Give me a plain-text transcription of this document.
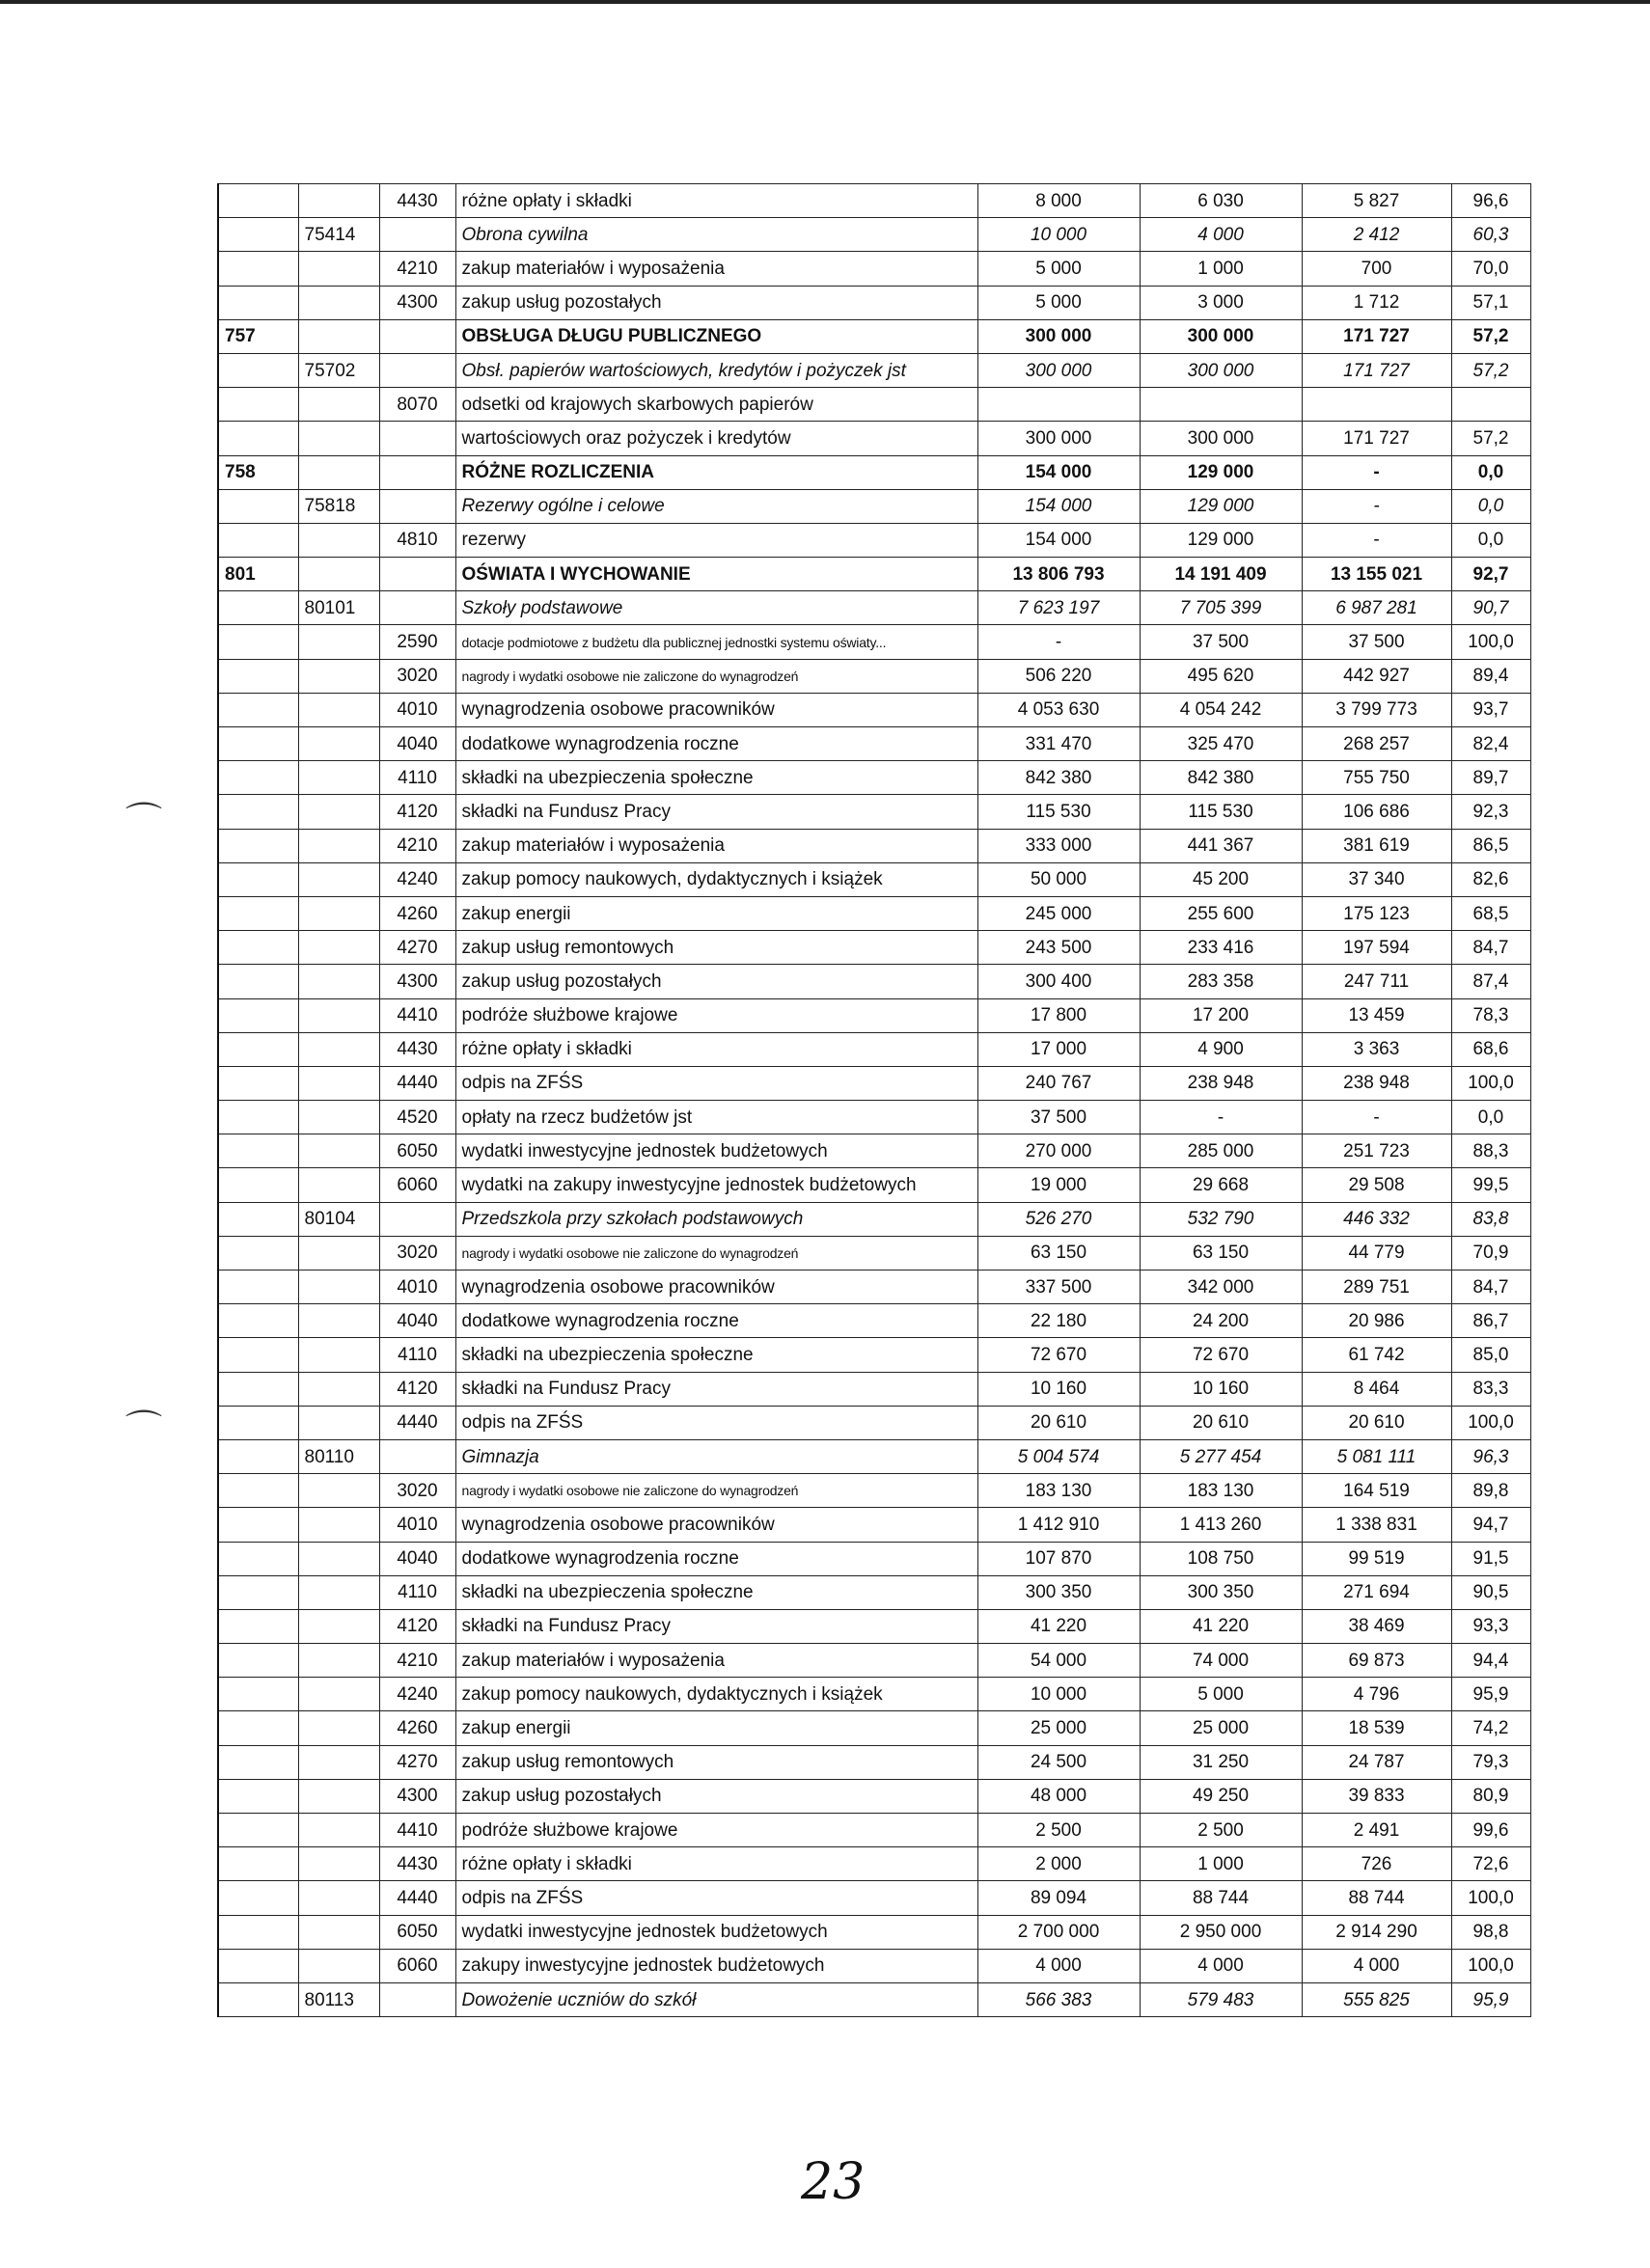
⌒
⌒
		4430	różne opłaty i składki	8 000	6 030	5 827	96,6
	75414		Obrona cywilna	10 000	4 000	2 412	60,3
		4210	zakup materiałów i wyposażenia	5 000	1 000	700	70,0
		4300	zakup usług pozostałych	5 000	3 000	1 712	57,1
757			OBSŁUGA DŁUGU PUBLICZNEGO	300 000	300 000	171 727	57,2
	75702		Obsł. papierów wartościowych, kredytów i pożyczek jst	300 000	300 000	171 727	57,2
		8070	odsetki od krajowych skarbowych papierów				
			wartościowych oraz pożyczek i kredytów	300 000	300 000	171 727	57,2
758			RÓŻNE ROZLICZENIA	154 000	129 000	-	0,0
	75818		Rezerwy ogólne i celowe	154 000	129 000	-	0,0
		4810	rezerwy	154 000	129 000	-	0,0
801			OŚWIATA I WYCHOWANIE	13 806 793	14 191 409	13 155 021	92,7
	80101		Szkoły podstawowe	7 623 197	7 705 399	6 987 281	90,7
		2590	dotacje podmiotowe z budżetu dla publicznej jednostki systemu oświaty...	-	37 500	37 500	100,0
		3020	nagrody i wydatki osobowe nie zaliczone do wynagrodzeń	506 220	495 620	442 927	89,4
		4010	wynagrodzenia osobowe pracowników	4 053 630	4 054 242	3 799 773	93,7
		4040	dodatkowe wynagrodzenia roczne	331 470	325 470	268 257	82,4
		4110	składki na ubezpieczenia społeczne	842 380	842 380	755 750	89,7
		4120	składki na Fundusz Pracy	115 530	115 530	106 686	92,3
		4210	zakup materiałów i wyposażenia	333 000	441 367	381 619	86,5
		4240	zakup pomocy naukowych, dydaktycznych i książek	50 000	45 200	37 340	82,6
		4260	zakup energii	245 000	255 600	175 123	68,5
		4270	zakup usług remontowych	243 500	233 416	197 594	84,7
		4300	zakup usług pozostałych	300 400	283 358	247 711	87,4
		4410	podróże służbowe krajowe	17 800	17 200	13 459	78,3
		4430	różne opłaty i składki	17 000	4 900	3 363	68,6
		4440	odpis na ZFŚS	240 767	238 948	238 948	100,0
		4520	opłaty na rzecz budżetów jst	37 500	-	-	0,0
		6050	wydatki inwestycyjne jednostek budżetowych	270 000	285 000	251 723	88,3
		6060	wydatki na zakupy inwestycyjne jednostek budżetowych	19 000	29 668	29 508	99,5
	80104		Przedszkola przy szkołach podstawowych	526 270	532 790	446 332	83,8
		3020	nagrody i wydatki osobowe nie zaliczone do wynagrodzeń	63 150	63 150	44 779	70,9
		4010	wynagrodzenia osobowe pracowników	337 500	342 000	289 751	84,7
		4040	dodatkowe wynagrodzenia roczne	22 180	24 200	20 986	86,7
		4110	składki na ubezpieczenia społeczne	72 670	72 670	61 742	85,0
		4120	składki na Fundusz Pracy	10 160	10 160	8 464	83,3
		4440	odpis na ZFŚS	20 610	20 610	20 610	100,0
	80110		Gimnazja	5 004 574	5 277 454	5 081 111	96,3
		3020	nagrody i wydatki osobowe nie zaliczone do wynagrodzeń	183 130	183 130	164 519	89,8
		4010	wynagrodzenia osobowe pracowników	1 412 910	1 413 260	1 338 831	94,7
		4040	dodatkowe wynagrodzenia roczne	107 870	108 750	99 519	91,5
		4110	składki na ubezpieczenia społeczne	300 350	300 350	271 694	90,5
		4120	składki na Fundusz Pracy	41 220	41 220	38 469	93,3
		4210	zakup materiałów i wyposażenia	54 000	74 000	69 873	94,4
		4240	zakup pomocy naukowych, dydaktycznych i książek	10 000	5 000	4 796	95,9
		4260	zakup energii	25 000	25 000	18 539	74,2
		4270	zakup usług remontowych	24 500	31 250	24 787	79,3
		4300	zakup usług pozostałych	48 000	49 250	39 833	80,9
		4410	podróże służbowe krajowe	2 500	2 500	2 491	99,6
		4430	różne opłaty i składki	2 000	1 000	726	72,6
		4440	odpis na ZFŚS	89 094	88 744	88 744	100,0
		6050	wydatki inwestycyjne jednostek budżetowych	2 700 000	2 950 000	2 914 290	98,8
		6060	zakupy inwestycyjne jednostek budżetowych	4 000	4 000	4 000	100,0
	80113		Dowożenie uczniów do szkół	566 383	579 483	555 825	95,9
23
